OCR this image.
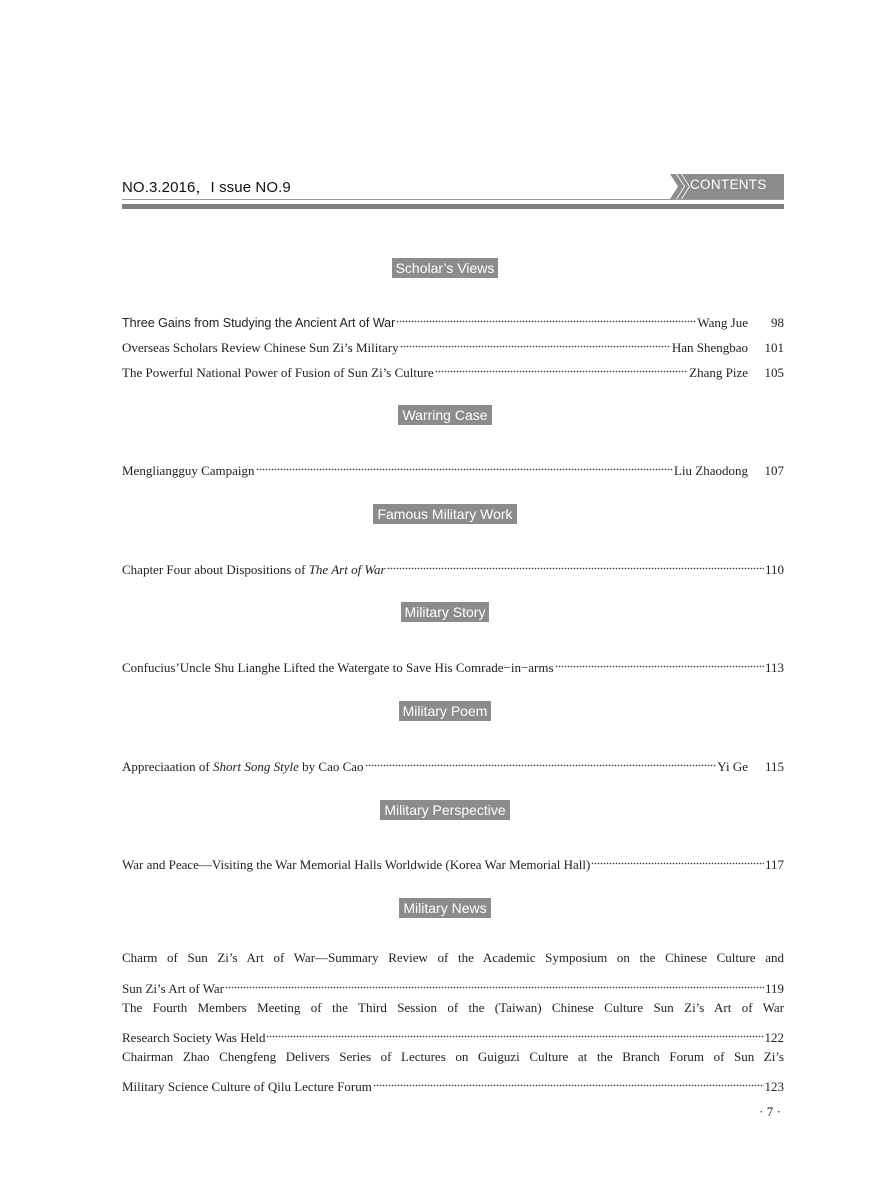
NO.3.2016，I ssue NO.9	CONTENTS
Scholar’s Views
Three Gains from Studying the Ancient Art of War	Wang Jue	98
Overseas Scholars Review Chinese Sun Zi’s Military	Han Shengbao	101
The Powerful National Power of Fusion of Sun Zi’s Culture	Zhang Pize	105
Warring Case
Mengliangguy Campaign	Liu Zhaodong	107
Famous Military Work
Chapter Four about Dispositions of The Art of War	110
Military Story
Confucius’Uncle Shu Lianghe Lifted the Watergate to Save His Comrade−in−arms	113
Military Poem
Appreciaation of Short Song Style by Cao Cao	Yi Ge	115
Military Perspective
War and Peace—Visiting the War Memorial Halls Worldwide (Korea War Memorial Hall)	117
Military News
Charm of Sun Zi’s Art of War—Summary Review of the Academic Symposium on the Chinese Culture and
Sun Zi’s Art of War	119
The Fourth Members Meeting of the Third Session of the (Taiwan) Chinese Culture Sun Zi’s Art of War
Research Society Was Held	122
Chairman Zhao Chengfeng Delivers Series of Lectures on Guiguzi Culture at the Branch Forum of Sun Zi’s
Military Science Culture of Qilu Lecture Forum	123
· 7 ·
